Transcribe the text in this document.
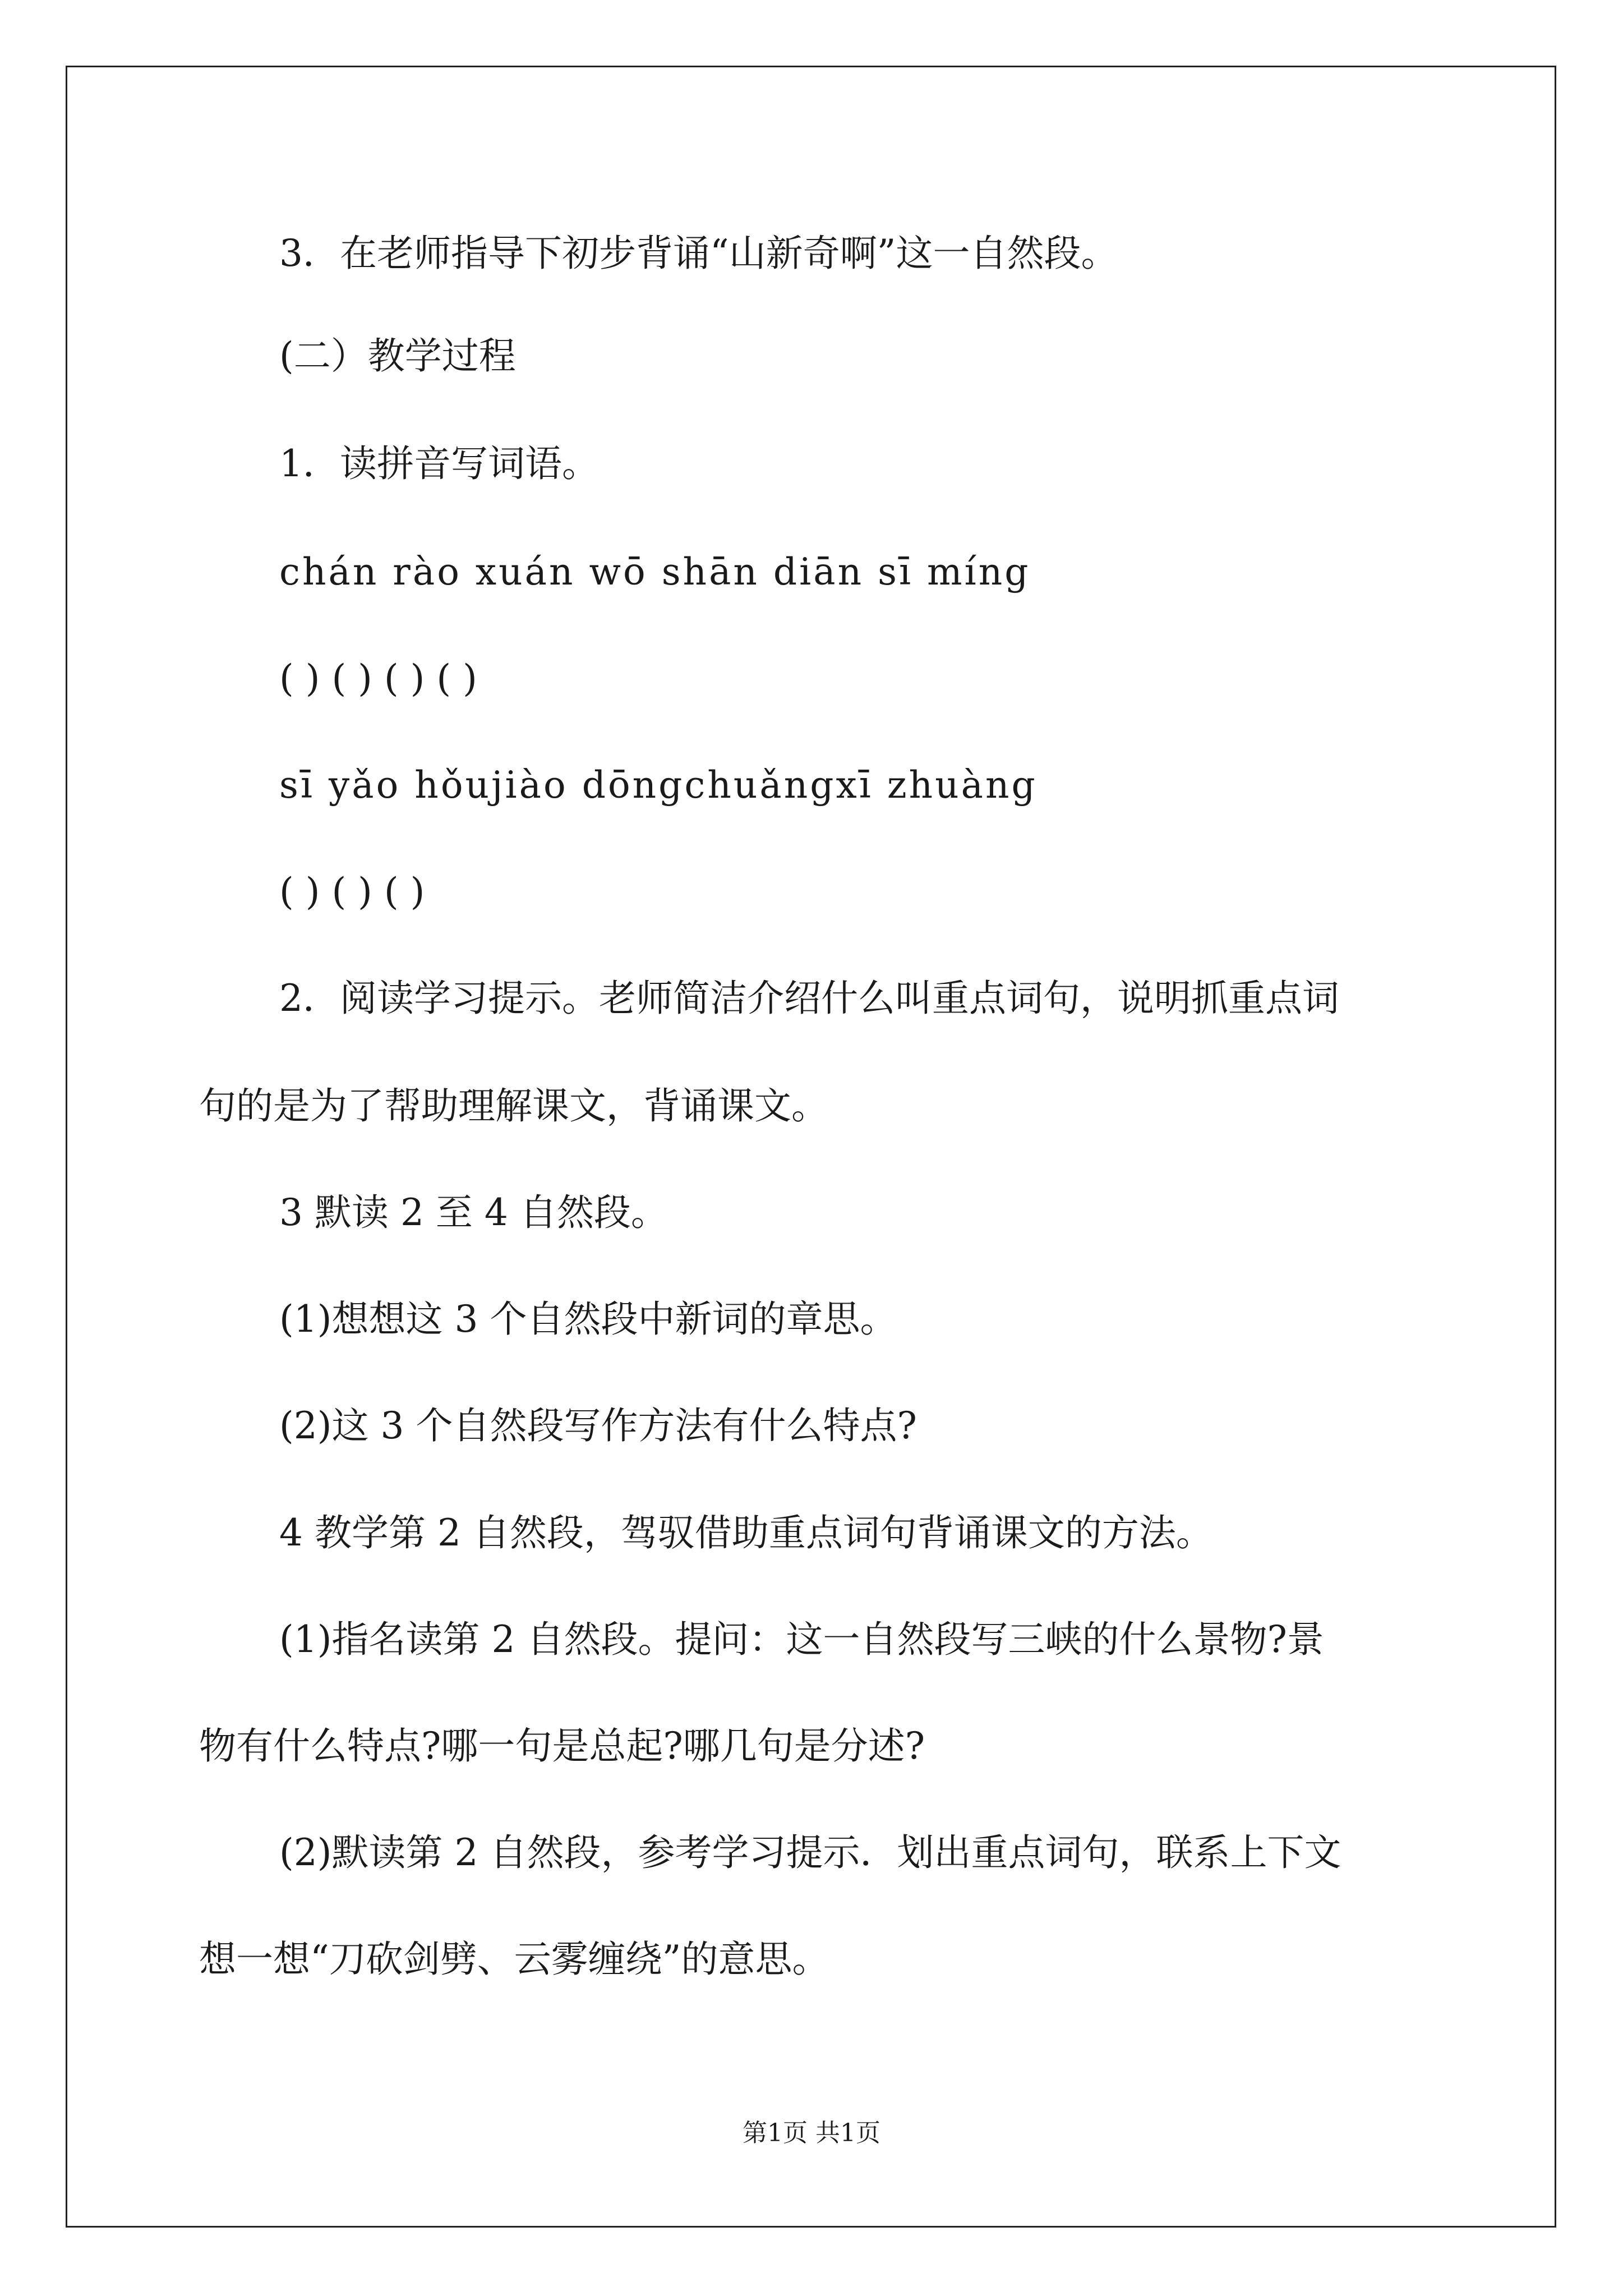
3．在老师指导下初步背诵“山新奇啊”这一自然段。
(二）教学过程
1．读拼音写词语。
chán rào xuán wō shān diān sī míng
( ) ( ) ( ) ( )
sī yǎo hǒujiào dōngchuǎngxī zhuàng
( ) ( ) ( )
2．阅读学习提示。老师简洁介绍什么叫重点词句，说明抓重点词
句的是为了帮助理解课文，背诵课文。
3 默读 2 至 4 自然段。
(1)想想这 3 个自然段中新词的章思。
(2)这 3 个自然段写作方法有什么特点?
4 教学第 2 自然段，驾驭借助重点词句背诵课文的方法。
(1)指名读第 2 自然段。提问：这一自然段写三峡的什么景物?景
物有什么特点?哪一句是总起?哪几句是分述?
(2)默读第 2 自然段，参考学习提示．划出重点词句，联系上下文
想一想“刀砍剑劈、云雾缠绕”的意思。
第1页 共1页
